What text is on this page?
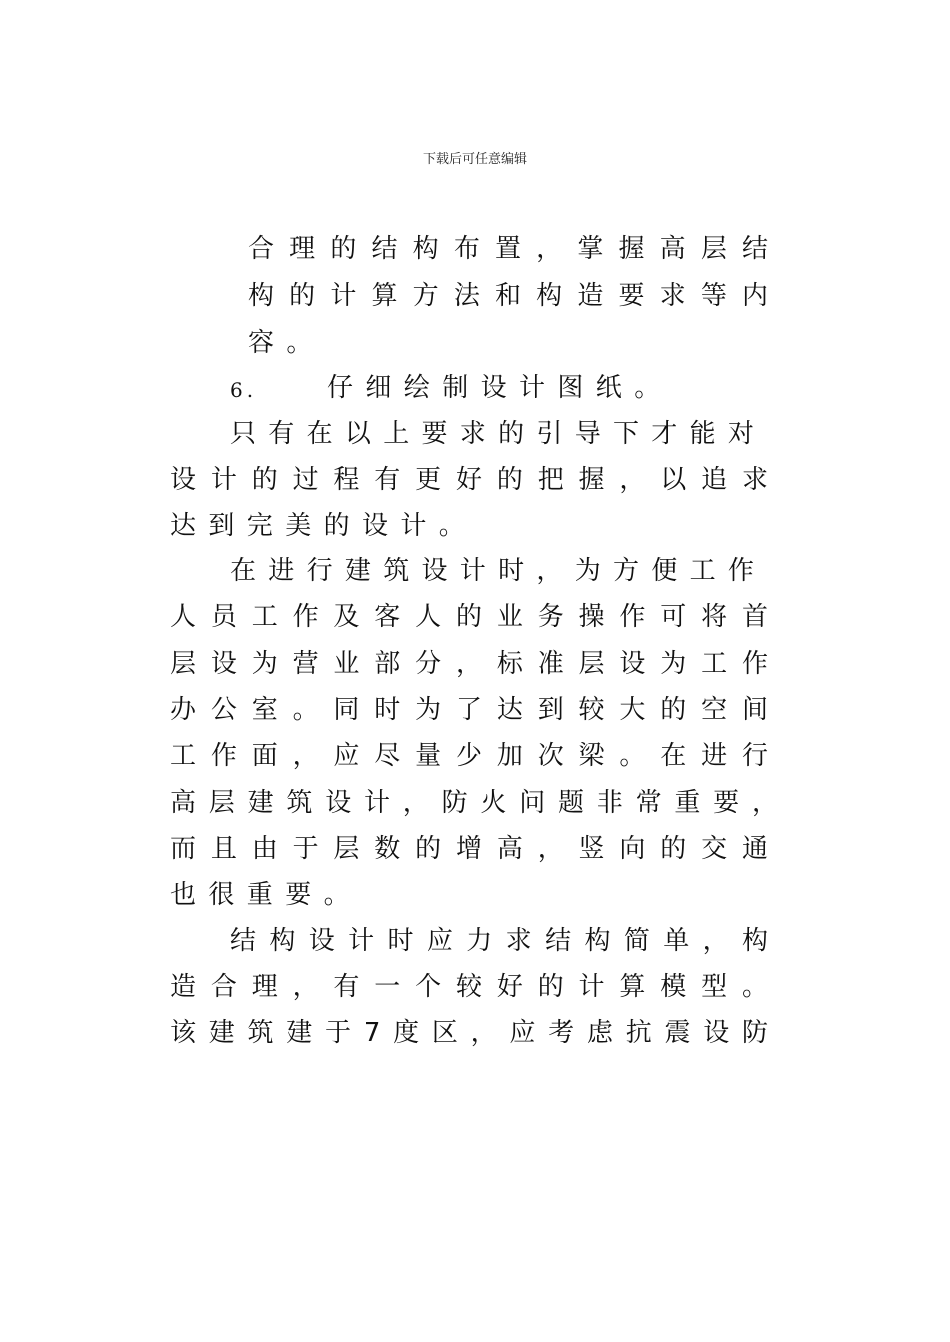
下载后可任意编辑
合理的结构布置，掌握高层结
构的计算方法和构造要求等内
容。
6.	仔细绘制设计图纸。
只有在以上要求的引导下才能对
设计的过程有更好的把握，以追求
达到完美的设计。
在进行建筑设计时，为方便工作
人员工作及客人的业务操作可将首
层设为营业部分，标准层设为工作
办公室。同时为了达到较大的空间
工作面，应尽量少加次梁。在进行
高层建筑设计，防火问题非常重要，
而且由于层数的增高，竖向的交通
也很重要。
结构设计时应力求结构简单，构
造合理，有一个较好的计算模型。
该建筑建于7度区，应考虑抗震设防
